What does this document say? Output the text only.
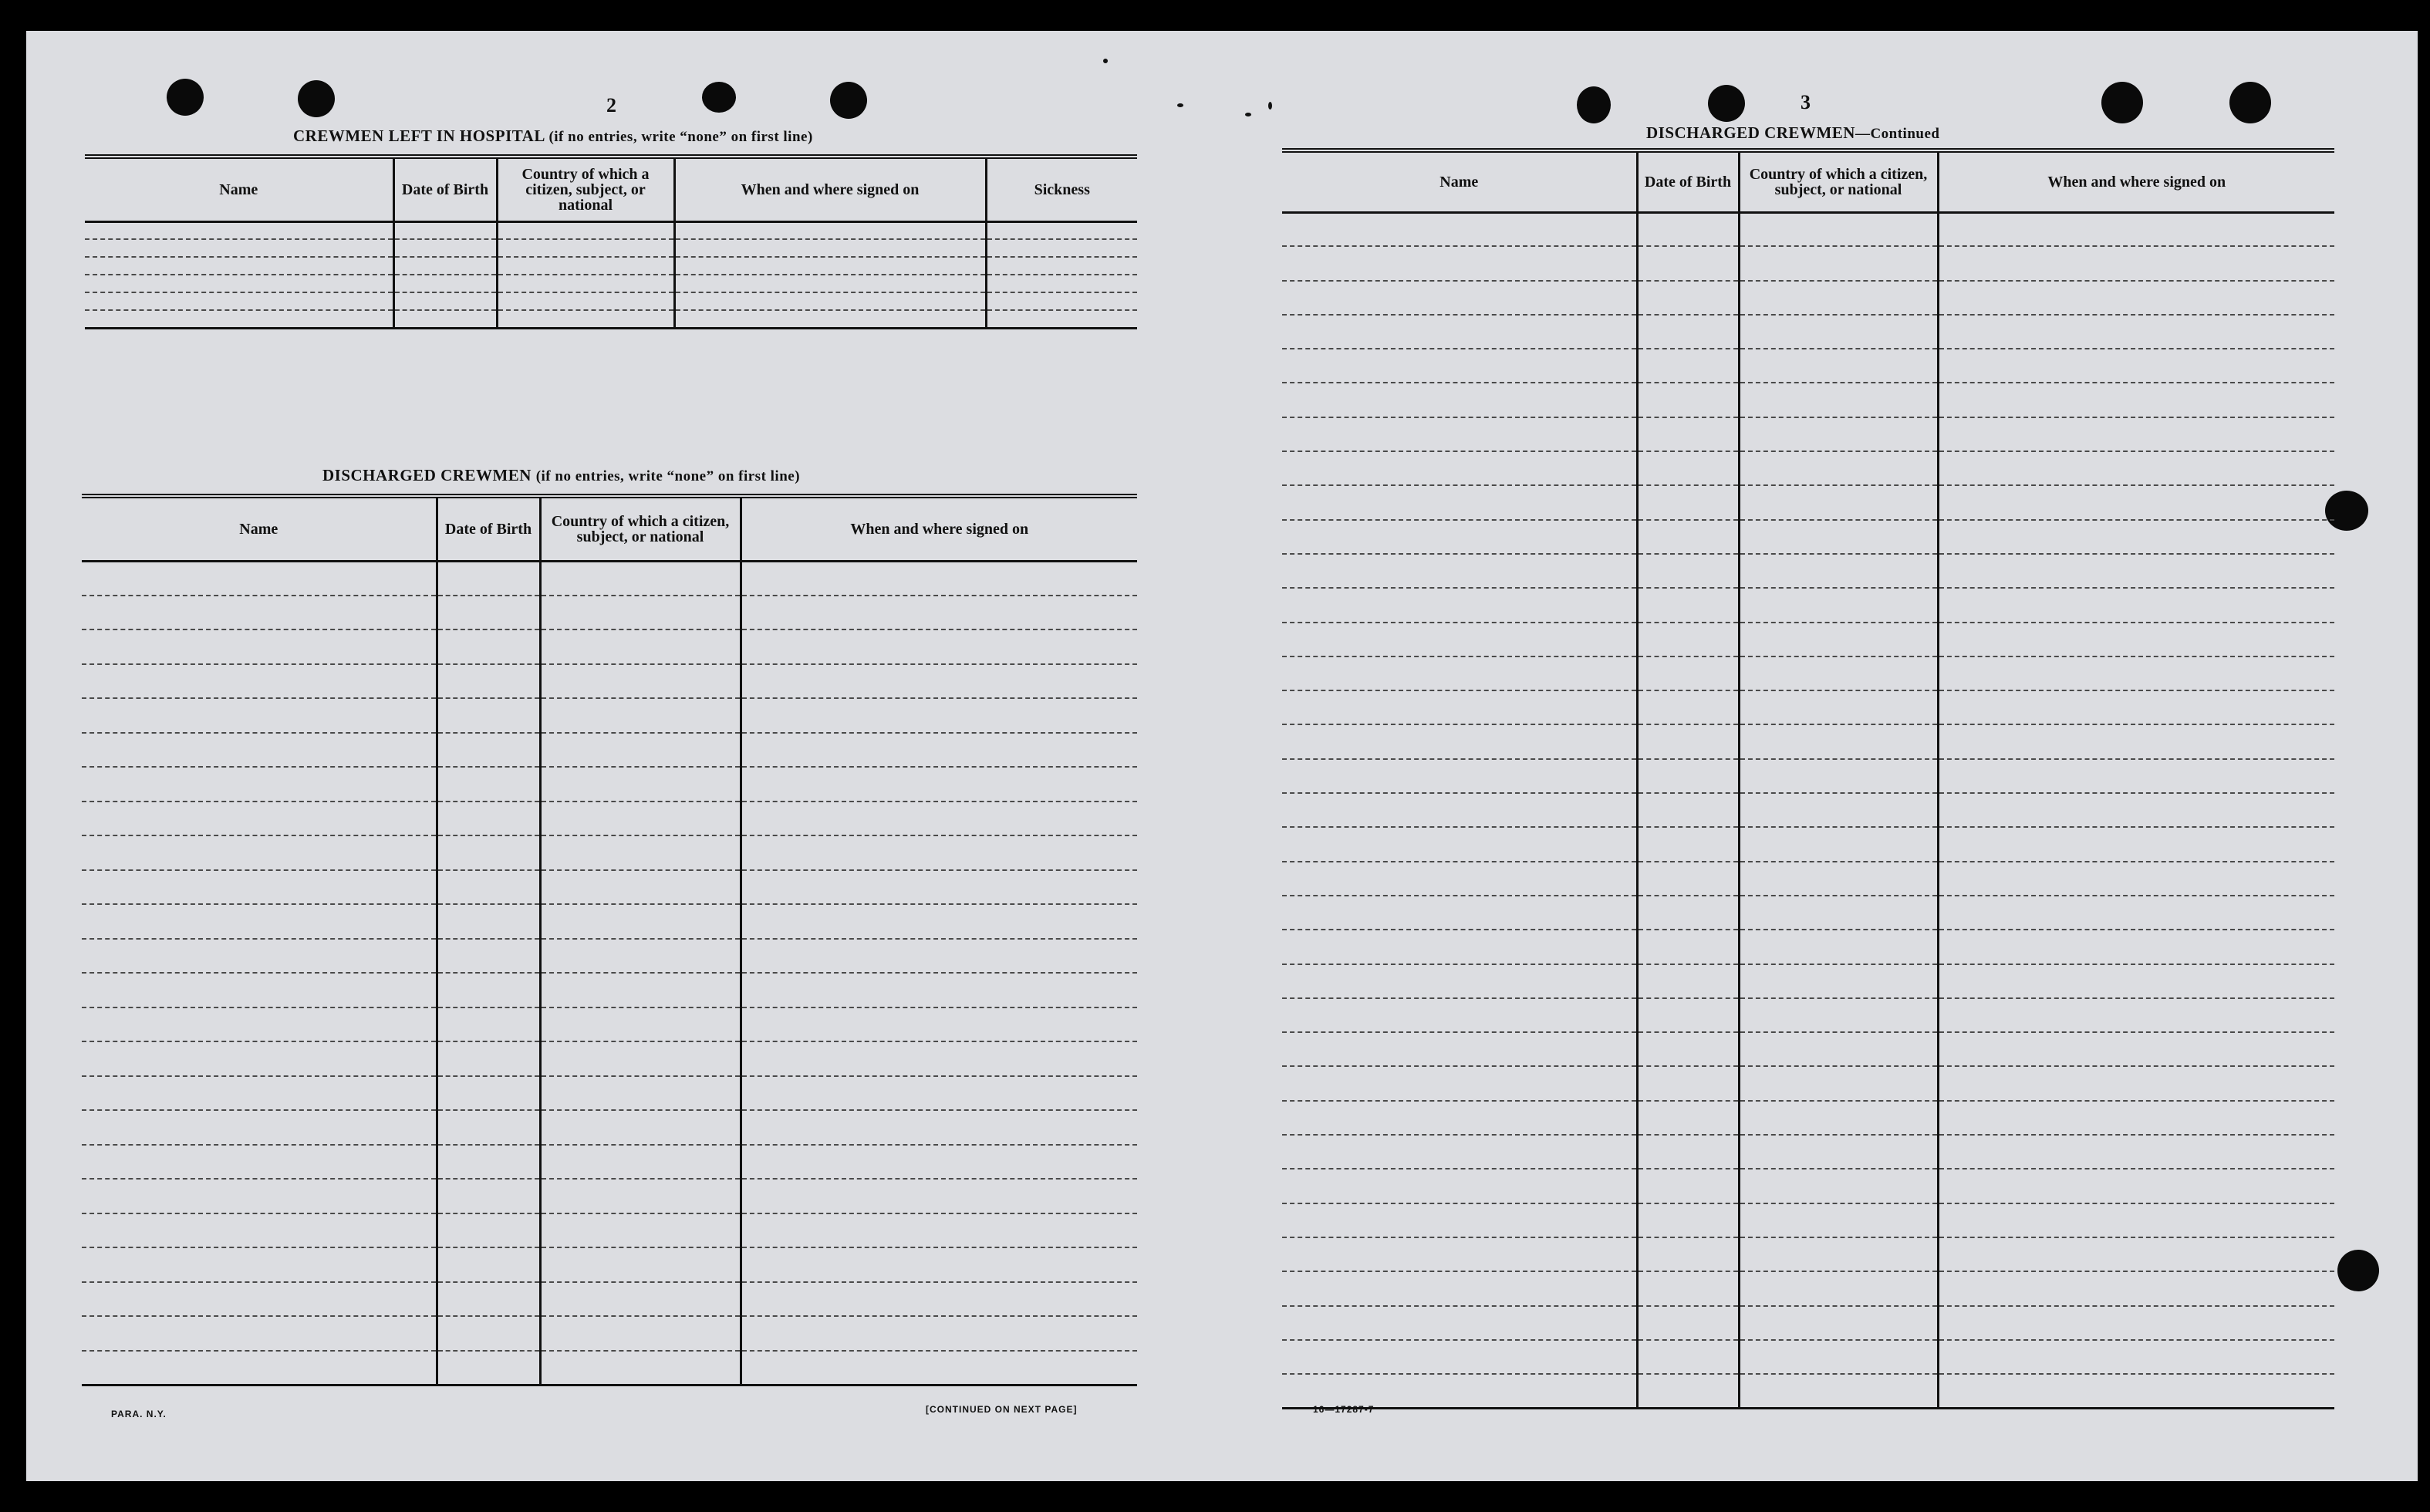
2
CREWMEN LEFT IN HOSPITAL (if no entries, write “none” on first line)
Name	Date of Birth	Country of which a citizen, subject, or national	When and where signed on	Sickness

DISCHARGED CREWMEN (if no entries, write “none” on first line)
Name	Date of Birth	Country of which a citizen, subject, or national	When and where signed on

PARA. N.Y.	[CONTINUED ON NEXT PAGE]
3
DISCHARGED CREWMEN—Continued
Name	Date of Birth	Country of which a citizen, subject, or national	When and where signed on

16—17287-7
